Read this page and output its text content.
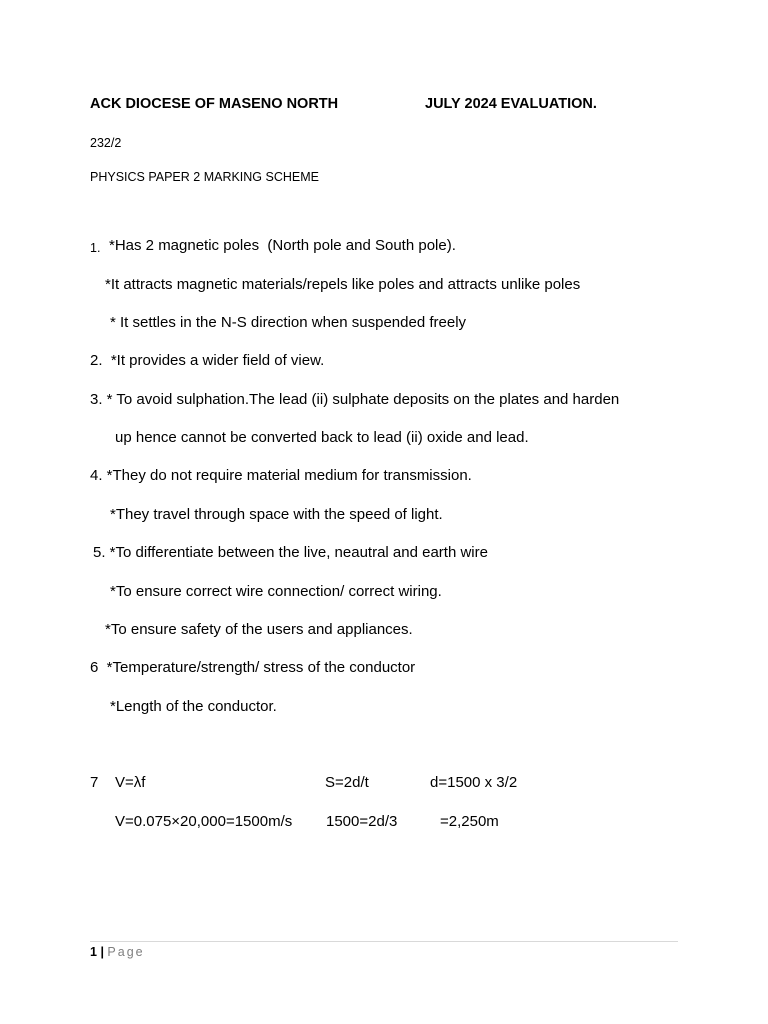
ACK DIOCESE OF MASENO NORTH	JULY 2024 EVALUATION.
232/2
PHYSICS PAPER 2 MARKING SCHEME
1. *Has 2 magnetic poles  (North pole and South pole).
*It attracts magnetic materials/repels like poles and attracts unlike poles
* It settles in the N-S direction when suspended freely
2.  *It provides a wider field of view.
3. * To avoid sulphation.The lead (ii) sulphate deposits on the plates and harden
up hence cannot be converted back to lead (ii) oxide and lead.
4. *They do not require material medium for transmission.
*They travel through space with the speed of light.
5. *To differentiate between the live, neautral and earth wire
*To ensure correct wire connection/ correct wiring.
*To ensure safety of the users and appliances.
6  *Temperature/strength/ stress of the conductor
*Length of the conductor.
7 V=λf	S=2d/t	d=1500 x 3/2
V=0.075×20,000=1500m/s 1500=2d/3	=2,250m
1 | Page
